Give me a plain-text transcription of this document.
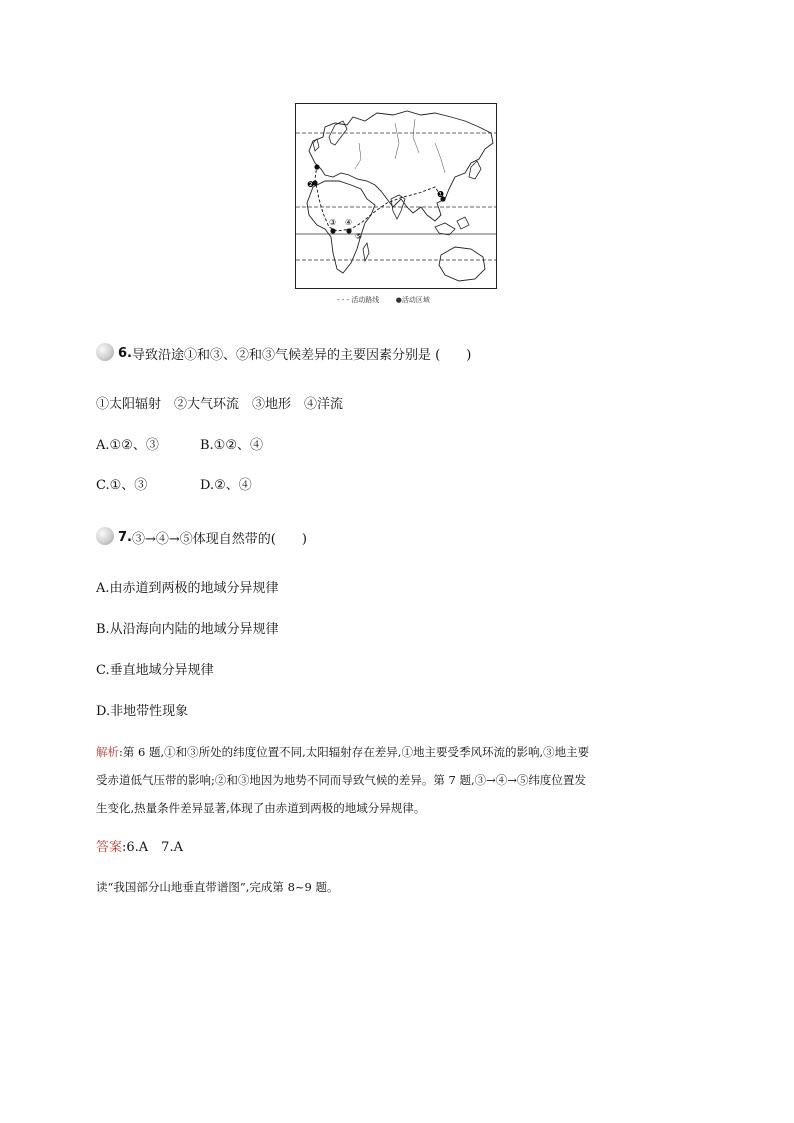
③ ④
⑤
❷
❶
- - - 活动路线 ●活动区域
6. 导致沿途①和③、②和③气候差异的主要因素分别是 (　　)
①太阳辐射　②大气环流　③地形　④洋流
A.①②、③	B.①②、④
C.①、③	D.②、④
7. ③→④→⑤体现自然带的(　　)
A.由赤道到两极的地域分异规律
B.从沿海向内陆的地域分异规律
C.垂直地域分异规律
D.非地带性现象
解析:第 6 题,①和③所处的纬度位置不同,太阳辐射存在差异,①地主要受季风环流的影响,③地主要
受赤道低气压带的影响;②和③地因为地势不同而导致气候的差异。第 7 题,③→④→⑤纬度位置发
生变化,热量条件差异显著,体现了由赤道到两极的地域分异规律。
答案:6.A　7.A
读“我国部分山地垂直带谱图”,完成第 8~9 题。
